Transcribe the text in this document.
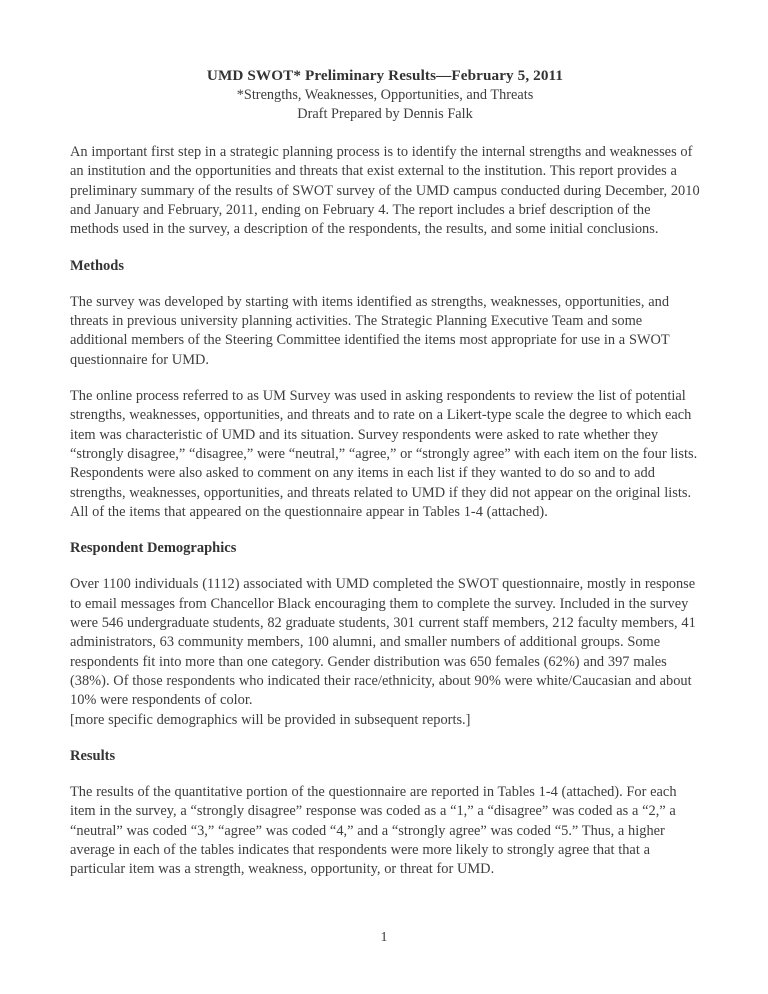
UMD SWOT* Preliminary Results—February 5, 2011
*Strengths, Weaknesses, Opportunities, and Threats
Draft Prepared by Dennis Falk

An important first step in a strategic planning process is to identify the internal strengths and weaknesses of an institution and the opportunities and threats that exist external to the institution. This report provides a preliminary summary of the results of SWOT survey of the UMD campus conducted during December, 2010 and January and February, 2011, ending on February 4. The report includes a brief description of the methods used in the survey, a description of the respondents, the results, and some initial conclusions.

Methods

The survey was developed by starting with items identified as strengths, weaknesses, opportunities, and threats in previous university planning activities. The Strategic Planning Executive Team and some additional members of the Steering Committee identified the items most appropriate for use in a SWOT questionnaire for UMD.

The online process referred to as UM Survey was used in asking respondents to review the list of potential strengths, weaknesses, opportunities, and threats and to rate on a Likert-type scale the degree to which each item was characteristic of UMD and its situation. Survey respondents were asked to rate whether they “strongly disagree,” “disagree,” were “neutral,” “agree,” or “strongly agree” with each item on the four lists. Respondents were also asked to comment on any items in each list if they wanted to do so and to add strengths, weaknesses, opportunities, and threats related to UMD if they did not appear on the original lists. All of the items that appeared on the questionnaire appear in Tables 1-4 (attached).

Respondent Demographics

Over 1100 individuals (1112) associated with UMD completed the SWOT questionnaire, mostly in response to email messages from Chancellor Black encouraging them to complete the survey. Included in the survey were 546 undergraduate students, 82 graduate students, 301 current staff members, 212 faculty members, 41 administrators, 63 community members, 100 alumni, and smaller numbers of additional groups. Some respondents fit into more than one category. Gender distribution was 650 females (62%) and 397 males (38%). Of those respondents who indicated their race/ethnicity, about 90% were white/Caucasian and about 10% were respondents of color.

[more specific demographics will be provided in subsequent reports.]

Results

The results of the quantitative portion of the questionnaire are reported in Tables 1-4 (attached). For each item in the survey, a “strongly disagree” response was coded as a “1,” a “disagree” was coded as a “2,” a “neutral” was coded “3,” “agree” was coded “4,” and a “strongly agree” was coded “5.” Thus, a higher average in each of the tables indicates that respondents were more likely to strongly agree that that a particular item was a strength, weakness, opportunity, or threat for UMD.

1
